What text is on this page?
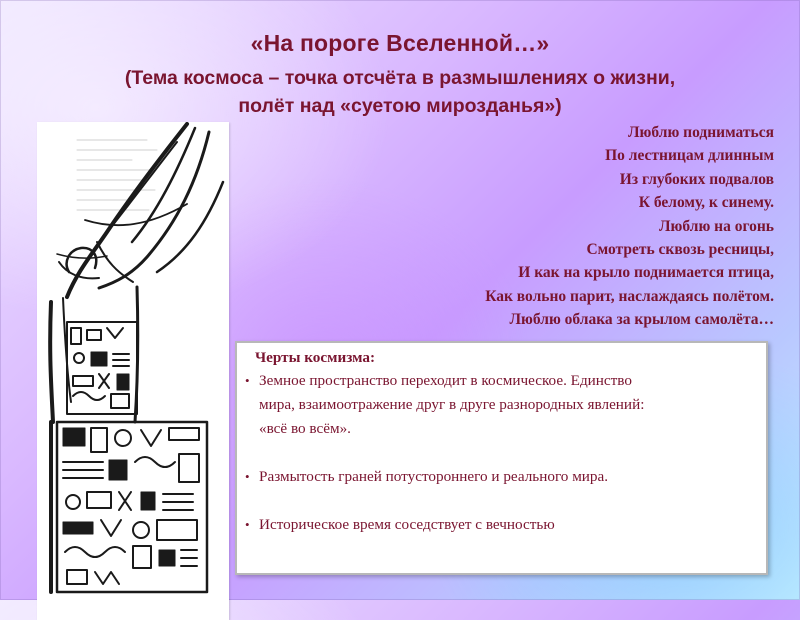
«На пороге Вселенной…»

(Тема космоса – точка отсчёта в размышлениях о жизни,
полёт над «суетою мирозданья»)

Люблю подниматься
По лестницам длинным
Из глубоких подвалов
К белому, к синему.
Люблю на огонь
Смотреть сквозь ресницы,
И как на крыло поднимается птица,
Как вольно парит, наслаждаясь полётом.
Люблю облака за крылом самолёта…
Черты космизма:
• Земное пространство переходит в космическое. Единство
мира, взаимоотражение друг в друге разнородных явлений:
«всё во всём».
• Размытость граней потустороннего и реального мира.
• Историческое время соседствует с вечностью
